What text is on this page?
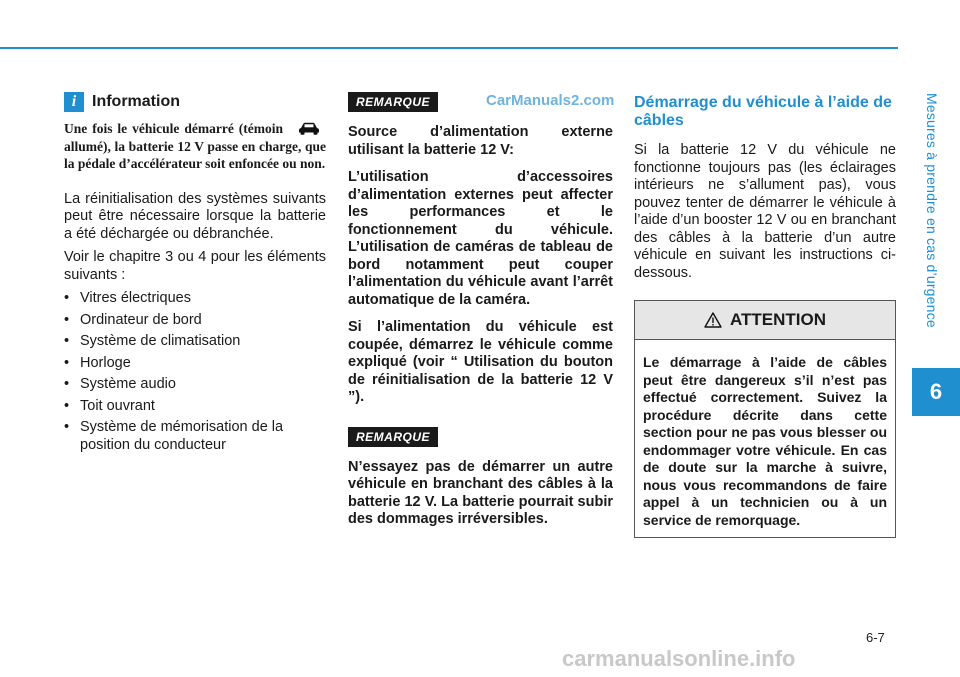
Mesures à prendre en cas d’urgence
6
CarManuals2.com
i Information

Une fois le véhicule démarré (témoin  allumé), la batterie 12 V passe en charge, que la pédale d’accélérateur soit enfoncée ou non.

La réinitialisation des systèmes suivants peut être nécessaire lorsque la batterie a été déchargée ou débranchée.

Voir le chapitre 3 ou 4 pour les éléments suivants :

• Vitres électriques
• Ordinateur de bord
• Système de climatisation
• Horloge
• Système audio
• Toit ouvrant
• Système de mémorisation de la position du conducteur
REMARQUE

Source d’alimentation externe utilisant la batterie 12 V:

L’utilisation d’accessoires d’alimentation externes peut affecter les performances et le fonctionnement du véhicule. L’utilisation de caméras de tableau de bord notamment peut couper l’alimentation du véhicule avant l’arrêt automatique de la caméra.

Si l’alimentation du véhicule est coupée, démarrez le véhicule comme expliqué (voir “ Utilisation du bouton de réinitialisation de la batterie 12 V ”).

REMARQUE

N’essayez pas de démarrer un autre véhicule en branchant des câbles à la batterie 12 V. La batterie pourrait subir des dommages irréversibles.

Démarrage du véhicule à l’aide de câbles

Si la batterie 12 V du véhicule ne fonctionne toujours pas (les éclairages intérieurs ne s’allument pas), vous pouvez tenter de démarrer le véhicule à l’aide d’un booster 12 V ou en branchant des câbles à la batterie d’un autre véhicule en suivant les instructions ci-dessous.

ATTENTION
Le démarrage à l’aide de câbles peut être dangereux s’il n’est pas effectué correctement. Suivez la procédure décrite dans cette section pour ne pas vous blesser ou endommager votre véhicule. En cas de doute sur la marche à suivre, nous vous recommandons de faire appel à un technicien ou à un service de remorquage.
6-7
carmanualsonline.info
